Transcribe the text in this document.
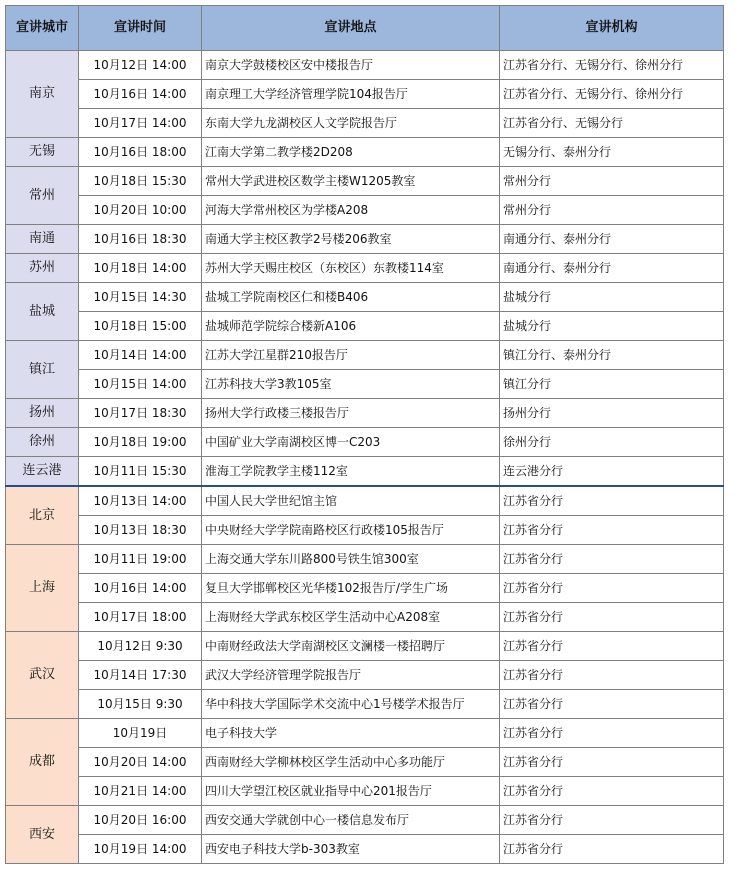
宣讲城市	宣讲时间	宣讲地点	宣讲机构
南京	10月12日 14:00	南京大学鼓楼校区安中楼报告厅	江苏省分行、无锡分行、徐州分行
	10月16日 14:00	南京理工大学经济管理学院104报告厅	江苏省分行、无锡分行、徐州分行
	10月17日 14:00	东南大学九龙湖校区人文学院报告厅	江苏省分行、无锡分行
无锡	10月16日 18:00	江南大学第二教学楼2D208	无锡分行、泰州分行
常州	10月18日 15:30	常州大学武进校区数学主楼W1205教室	常州分行
	10月20日 10:00	河海大学常州校区为学楼A208	常州分行
南通	10月16日 18:30	南通大学主校区教学2号楼206教室	南通分行、泰州分行
苏州	10月18日 14:00	苏州大学天赐庄校区（东校区）东教楼114室	南通分行、泰州分行
盐城	10月15日 14:30	盐城工学院南校区仁和楼B406	盐城分行
	10月18日 15:00	盐城师范学院综合楼新A106	盐城分行
镇江	10月14日 14:00	江苏大学江星群210报告厅	镇江分行、泰州分行
	10月15日 14:00	江苏科技大学3教105室	镇江分行
扬州	10月17日 18:30	扬州大学行政楼三楼报告厅	扬州分行
徐州	10月18日 19:00	中国矿业大学南湖校区博一C203	徐州分行
连云港	10月11日 15:30	淮海工学院教学主楼112室	连云港分行
北京	10月13日 14:00	中国人民大学世纪馆主馆	江苏省分行
	10月13日 18:30	中央财经大学学院南路校区行政楼105报告厅	江苏省分行
上海	10月11日 19:00	上海交通大学东川路800号铁生馆300室	江苏省分行
	10月16日 14:00	复旦大学邯郸校区光华楼102报告厅/学生广场	江苏省分行
	10月17日 18:00	上海财经大学武东校区学生活动中心A208室	江苏省分行
武汉	10月12日 9:30	中南财经政法大学南湖校区文澜楼一楼招聘厅	江苏省分行
	10月14日 17:30	武汉大学经济管理学院报告厅	江苏省分行
	10月15日 9:30	华中科技大学国际学术交流中心1号楼学术报告厅	江苏省分行
成都	10月19日	电子科技大学	江苏省分行
	10月20日 14:00	西南财经大学柳林校区学生活动中心多功能厅	江苏省分行
	10月21日 14:00	四川大学望江校区就业指导中心201报告厅	江苏省分行
西安	10月20日 16:00	西安交通大学就创中心一楼信息发布厅	江苏省分行
	10月19日 14:00	西安电子科技大学b-303教室	江苏省分行
